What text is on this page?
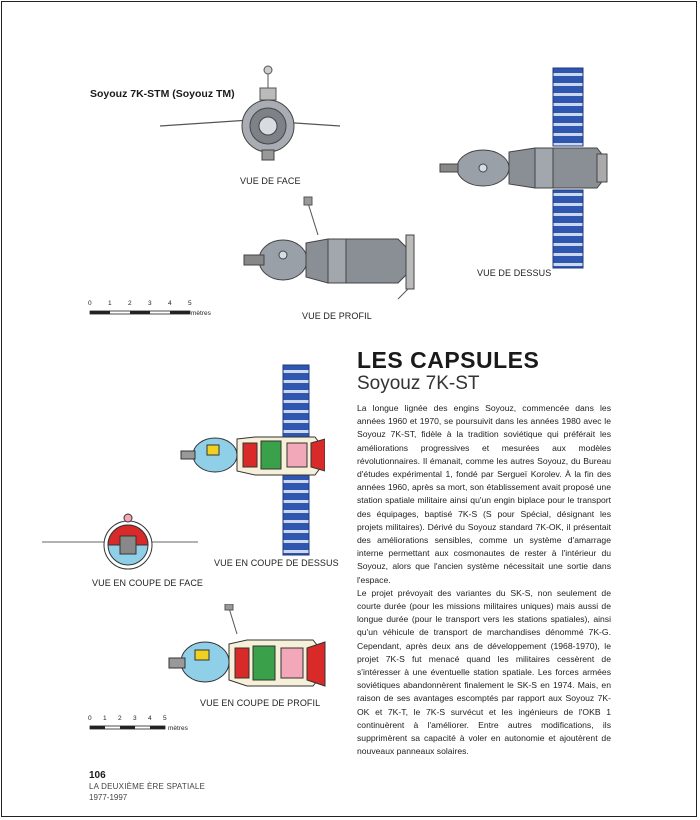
Soyouz 7K-STM (Soyouz TM)
VUE DE FACE
VUE DE DESSUS
VUE DE PROFIL
0	1	2	3	4	5
mètres
LES CAPSULES
Soyouz 7K-ST

La longue lignée des engins Soyouz, commencée dans les années 1960 et 1970, se poursuivit dans les années 1980 avec le Soyouz 7K-ST, fidèle à la tradition soviétique qui préférait les améliorations progressives et mesurées aux modèles révolutionnaires. Il émanait, comme les autres Soyouz, du Bureau d'études expérimental 1, fondé par Sergueï Korolev. À la fin des années 1960, après sa mort, son établissement avait proposé une station spatiale militaire ainsi qu'un engin biplace pour le transport des équipages, baptisé 7K-S (S pour Spécial, désignant les projets militaires). Dérivé du Soyouz standard 7K-OK, il présentait des améliorations sensibles, comme un système d'amarrage interne permettant aux cosmonautes de rester à l'intérieur du Soyouz, alors que l'ancien système nécessitait une sortie dans l'espace.

Le projet prévoyait des variantes du SK-S, non seulement de courte durée (pour les missions militaires uniques) mais aussi de longue durée (pour le transport vers les stations spatiales), ainsi qu'un véhicule de transport de marchandises dénommé 7K-G. Cependant, après deux ans de développement (1968-1970), le projet 7K-S fut menacé quand les militaires cessèrent de s'intéresser à une éventuelle station spatiale. Les forces armées soviétiques abandonnèrent finalement le SK-S en 1974. Mais, en raison de ses avantages escomptés par rapport aux Soyouz 7K-OK et 7K-T, le 7K-S survécut et les ingénieurs de l'OKB 1 continuèrent à l'améliorer. Entre autres modifications, ils supprimèrent sa capacité à voler en autonomie et ajoutèrent de nouveaux panneaux solaires.

VUE EN COUPE DE DESSUS
VUE EN COUPE DE FACE
VUE EN COUPE DE PROFIL
0 1 2 3 4 5
mètres
106
LA DEUXIÈME ÈRE SPATIALE
1977-1997
